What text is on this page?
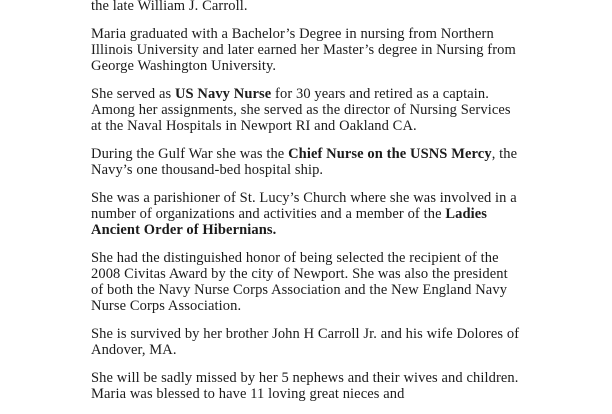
the late William J. Carroll.

Maria graduated with a Bachelor’s Degree in nursing from Northern Illinois University and later earned her Master’s degree in Nursing from George Washington University.

She served as US Navy Nurse for 30 years and retired as a captain. Among her assignments, she served as the director of Nursing Services at the Naval Hospitals in Newport RI and Oakland CA.

During the Gulf War she was the Chief Nurse on the USNS Mercy, the Navy’s one thousand-bed hospital ship.

She was a parishioner of St. Lucy’s Church where she was involved in a number of organizations and activities and a member of the Ladies Ancient Order of Hibernians.

She had the distinguished honor of being selected the recipient of the 2008 Civitas Award by the city of Newport. She was also the president of both the Navy Nurse Corps Association and the New England Navy Nurse Corps Association.

She is survived by her brother John H Carroll Jr. and his wife Dolores of Andover, MA.

She will be sadly missed by her 5 nephews and their wives and children. Maria was blessed to have 11 loving great nieces and
